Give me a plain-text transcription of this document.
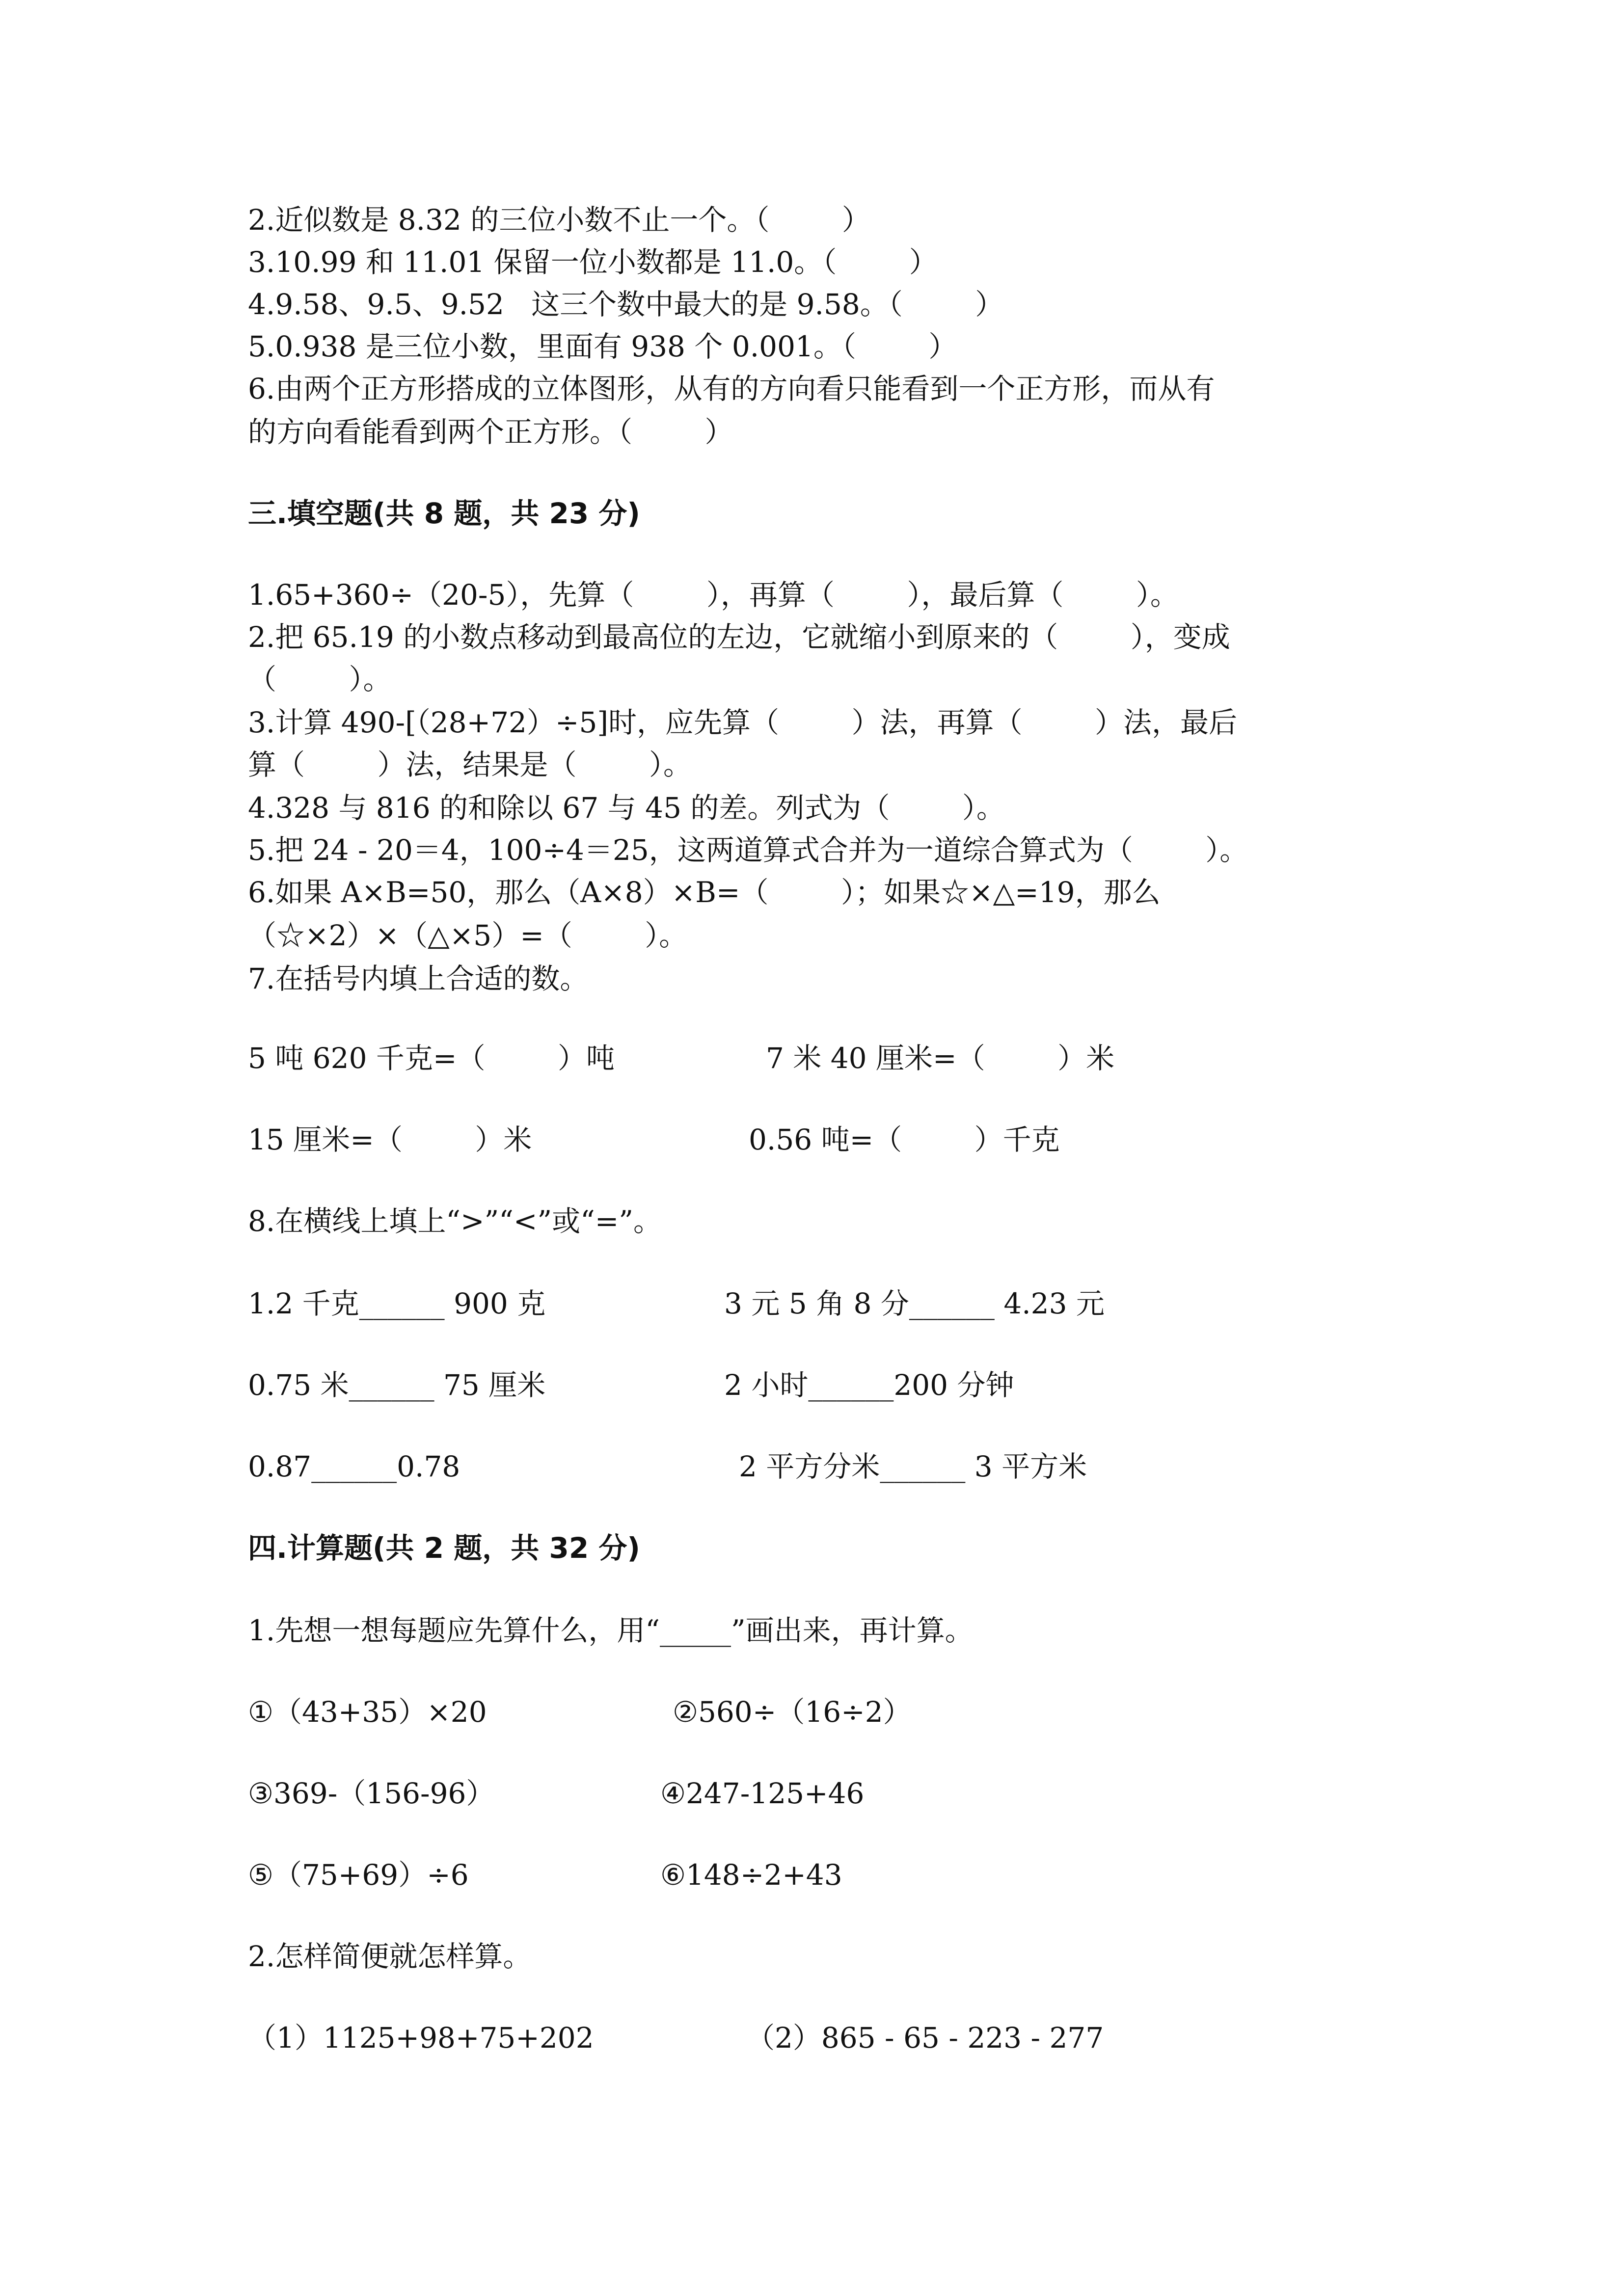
2.近似数是 8.32 的三位小数不止一个。（        ）
3.10.99 和 11.01 保留一位小数都是 11.0。（        ）
4.9.58、9.5、9.52   这三个数中最大的是 9.58。（        ）
5.0.938 是三位小数，里面有 938 个 0.001。（        ）
6.由两个正方形搭成的立体图形，从有的方向看只能看到一个正方形，而从有
的方向看能看到两个正方形。（        ）
三.填空题(共 8 题，共 23 分)
1.65+360÷（20-5），先算（        ），再算（        ），最后算（        ）。
2.把 65.19 的小数点移动到最高位的左边，它就缩小到原来的（        ），变成
（        ）。
3.计算 490-[（28+72）÷5]时，应先算（        ）法，再算（        ）法，最后
算（        ）法，结果是（        ）。
4.328 与 816 的和除以 67 与 45 的差。列式为（        ）。
5.把 24 - 20＝4，100÷4＝25，这两道算式合并为一道综合算式为（        ）。
6.如果 A×B=50，那么（A×8）×B=（        ）；如果☆×△=19，那么
（☆×2）×（△×5）=（        ）。
7.在括号内填上合适的数。
5 吨 620 千克=（        ）吨	7 米 40 厘米=（        ）米
15 厘米=（        ）米	0.56 吨=（        ）千克
8.在横线上填上“>”“<”或“=”。
1.2 千克______ 900 克	3 元 5 角 8 分______ 4.23 元
0.75 米______ 75 厘米	2 小时______200 分钟
0.87______0.78	2 平方分米______ 3 平方米
四.计算题(共 2 题，共 32 分)
1.先想一想每题应先算什么，用“_____”画出来，再计算。
①（43+35）×20	②560÷（16÷2）
③369-（156-96）	④247-125+46
⑤（75+69）÷6	⑥148÷2+43
2.怎样简便就怎样算。
（1）1125+98+75+202	（2）865 - 65 - 223 - 277
